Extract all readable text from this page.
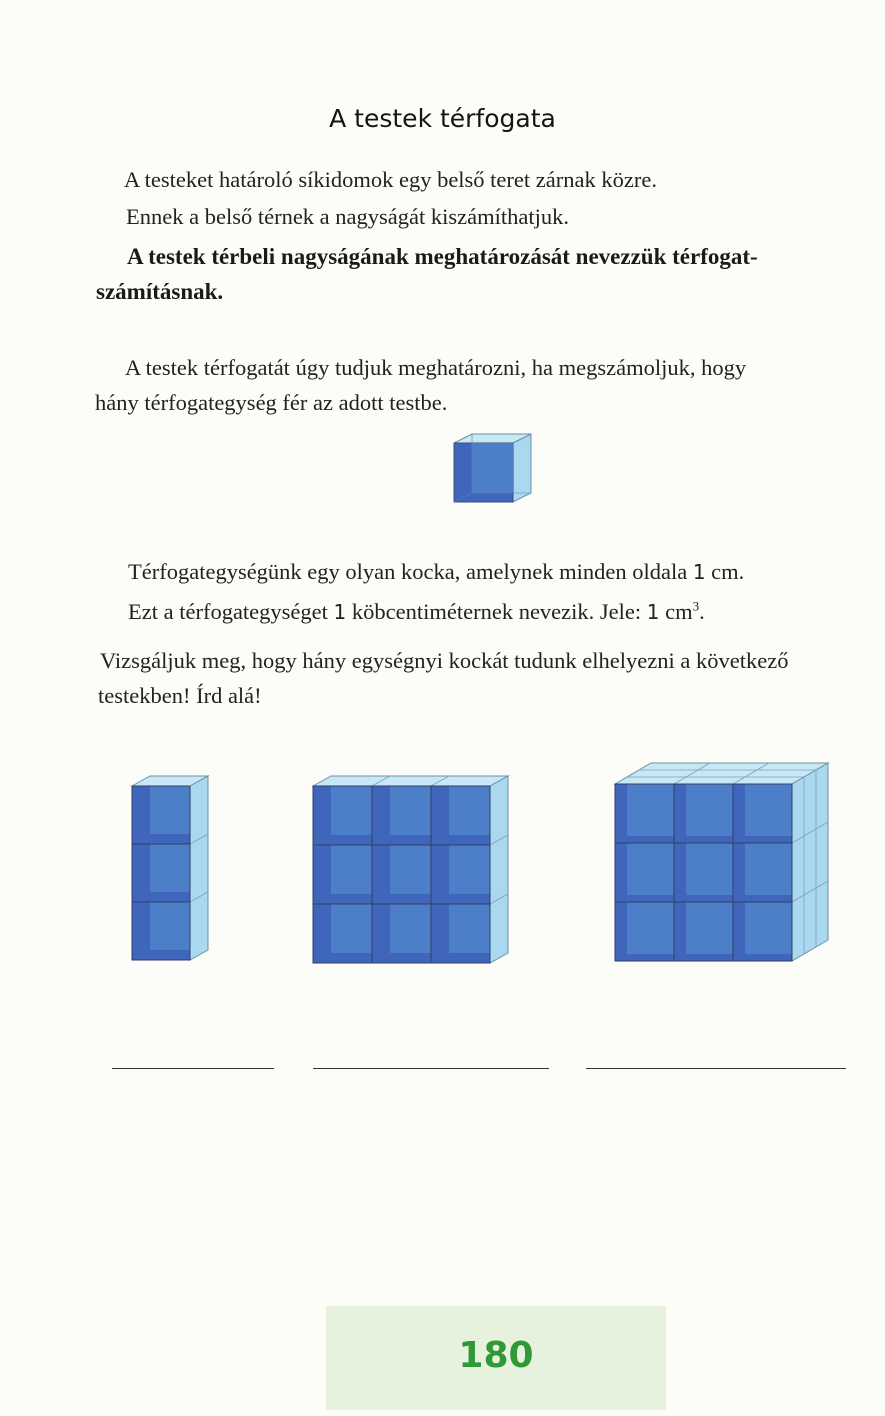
A testek térfogata

A testeket határoló síkidomok egy belső teret zárnak közre.

Ennek a belső térnek a nagyságát kiszámíthatjuk.

A testek térbeli nagyságának meghatározását nevezzük térfogat-

számításnak.

A testek térfogatát úgy tudjuk meghatározni, ha megszámoljuk, hogy

hány térfogategység fér az adott testbe.

Térfogategységünk egy olyan kocka, amelynek minden oldala 1 cm.

Ezt a térfogategységet 1 köbcentiméternek nevezik. Jele: 1 $cm^3$.

Vizsgáljuk meg, hogy hány egységnyi kockát tudunk elhelyezni a következő

testekben! Írd alá!

180
